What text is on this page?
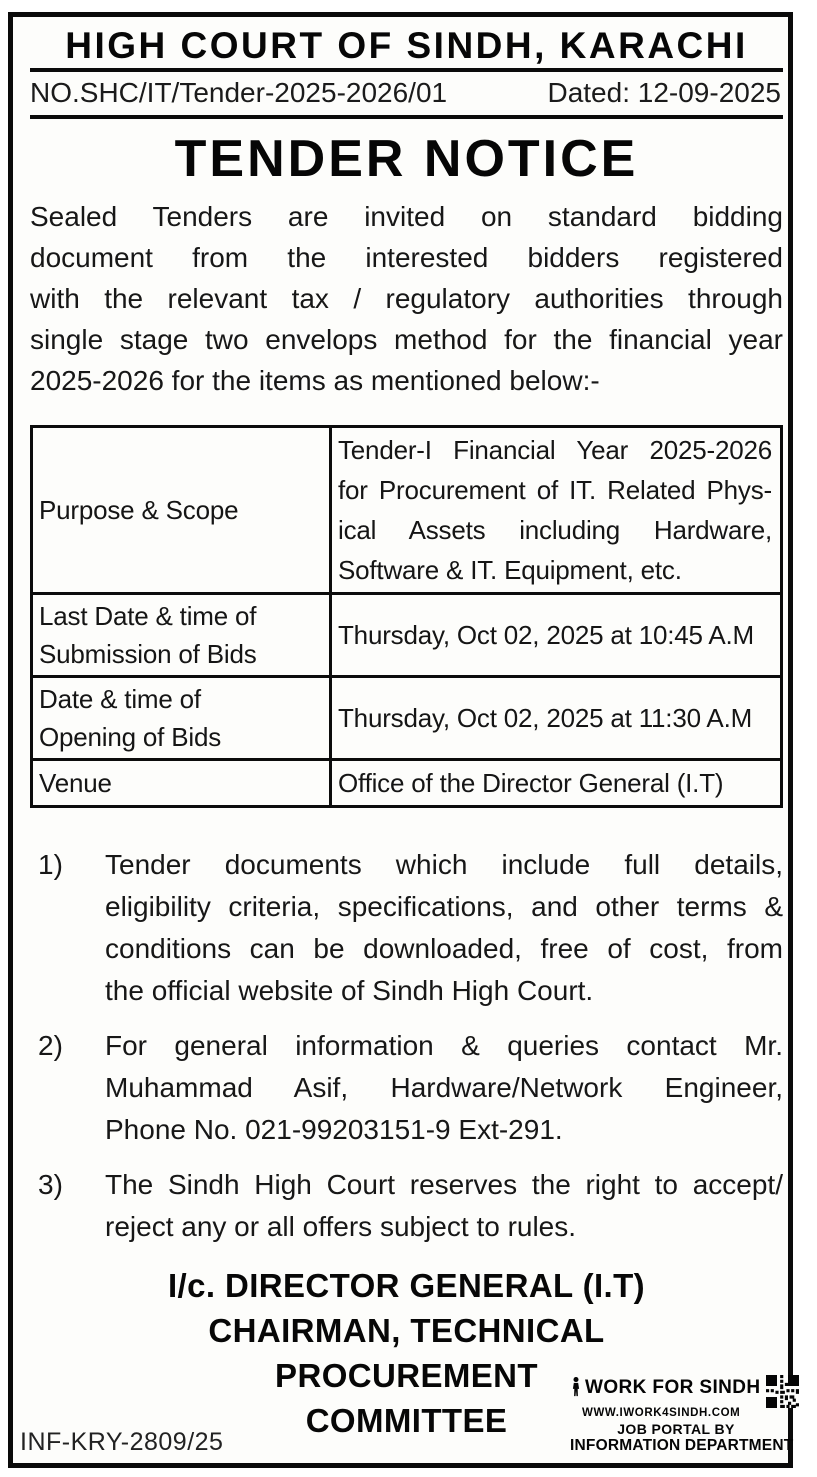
HIGH COURT OF SINDH, KARACHI
NO.SHC/IT/Tender-2025-2026/01	Dated: 12-09-2025
TENDER NOTICE
Sealed Tenders are invited on standard bidding
document from the interested bidders registered
with the relevant tax / regulatory authorities through
single stage two envelops method for the financial year
2025-2026 for the items as mentioned below:-
Purpose & Scope	Tender-I Financial Year 2025-2026
for Procurement of IT. Related Phys-
ical Assets including Hardware,
Software & IT. Equipment, etc.

Last Date & time of
Submission of Bids	Thursday, Oct 02, 2025 at 10:45 A.M

Date & time of
Opening of Bids	Thursday, Oct 02, 2025 at 11:30 A.M
Venue	Office of the Director General (I.T)
1)	Tender documents which include full details,
eligibility criteria, specifications, and other terms &
conditions can be downloaded, free of cost, from
the official website of Sindh High Court.
2)	For general information & queries contact Mr.
Muhammad Asif, Hardware/Network Engineer,
Phone No. 021-99203151-9 Ext-291.
3)	The Sindh High Court reserves the right to accept/
reject any or all offers subject to rules.
I/c. DIRECTOR GENERAL (I.T)
CHAIRMAN, TECHNICAL
PROCUREMENT
COMMITTEE
INF-KRY-2809/25
WORK FOR SINDH
WWW.IWORK4SINDH.COM
JOB PORTAL BY
INFORMATION DEPARTMENT
